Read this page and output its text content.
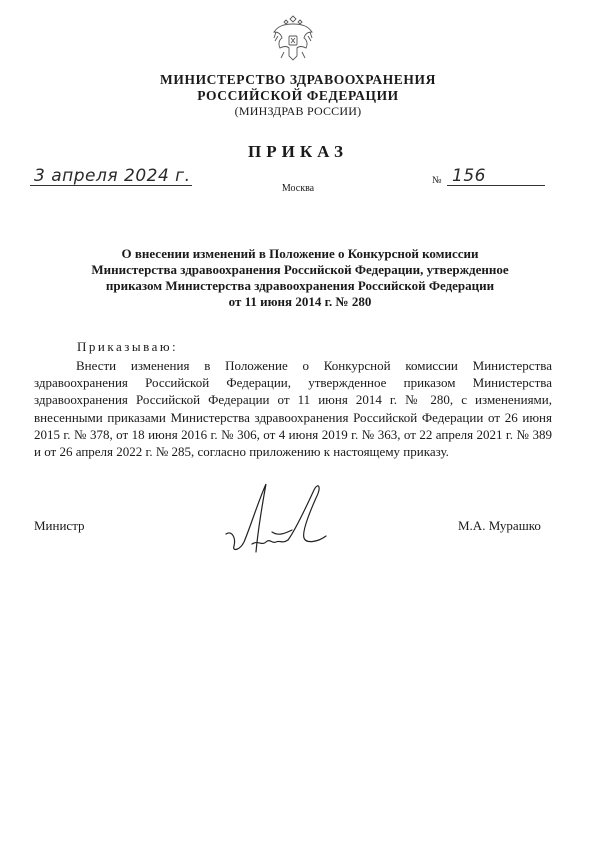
МИНИСТЕРСТВО ЗДРАВООХРАНЕНИЯ
РОССИЙСКОЙ ФЕДЕРАЦИИ
(МИНЗДРАВ РОССИИ)
ПРИКАЗ
3 апреля 2024 г.
Москва
№ 156
О внесении изменений в Положение о Конкурсной комиссии
Министерства здравоохранения Российской Федерации, утвержденное
приказом Министерства здравоохранения Российской Федерации
от 11 июня 2014 г. № 280
Приказываю:

Внести изменения в Положение о Конкурсной комиссии Министерства здравоохранения Российской Федерации, утвержденное приказом Министерства здравоохранения Российской Федерации от 11 июня 2014 г. № 280, с изменениями, внесенными приказами Министерства здравоохранения Российской Федерации от 26 июня 2015 г. № 378, от 18 июня 2016 г. № 306, от 4 июня 2019 г. № 363, от 22 апреля 2021 г. № 389 и от 26 апреля 2022 г. № 285, согласно приложению к настоящему приказу.

Министр	М.А. Мурашко
